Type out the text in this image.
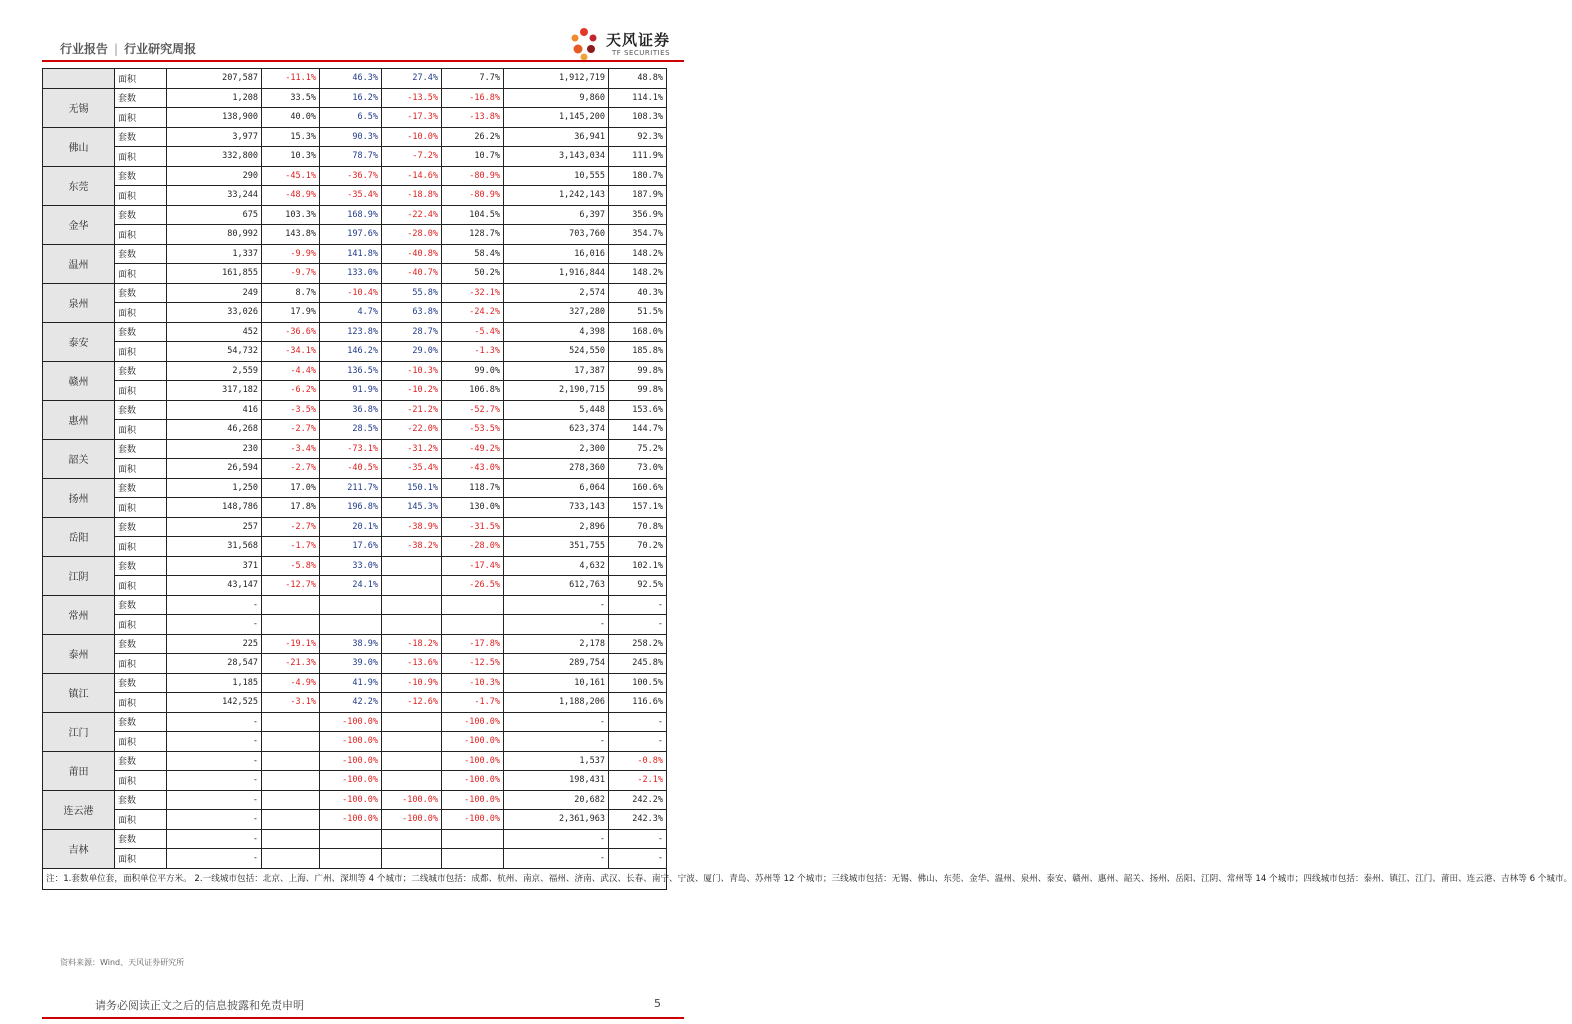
行业报告 | 行业研究周报	天风证券
TF SECURITIES
	面积	207,587	-11.1%	46.3%	27.4%	7.7%	1,912,719	48.8%
无锡	套数	1,208	33.5%	16.2%	-13.5%	-16.8%	9,860	114.1%
	面积	138,900	40.0%	6.5%	-17.3%	-13.8%	1,145,200	108.3%
佛山	套数	3,977	15.3%	90.3%	-10.0%	26.2%	36,941	92.3%
	面积	332,800	10.3%	78.7%	-7.2%	10.7%	3,143,034	111.9%
东莞	套数	290	-45.1%	-36.7%	-14.6%	-80.9%	10,555	180.7%
	面积	33,244	-48.9%	-35.4%	-18.8%	-80.9%	1,242,143	187.9%
金华	套数	675	103.3%	168.9%	-22.4%	104.5%	6,397	356.9%
	面积	80,992	143.8%	197.6%	-28.0%	128.7%	703,760	354.7%
温州	套数	1,337	-9.9%	141.8%	-40.8%	58.4%	16,016	148.2%
	面积	161,855	-9.7%	133.0%	-40.7%	50.2%	1,916,844	148.2%
泉州	套数	249	8.7%	-10.4%	55.8%	-32.1%	2,574	40.3%
	面积	33,026	17.9%	4.7%	63.8%	-24.2%	327,280	51.5%
泰安	套数	452	-36.6%	123.8%	28.7%	-5.4%	4,398	168.0%
	面积	54,732	-34.1%	146.2%	29.0%	-1.3%	524,550	185.8%
赣州	套数	2,559	-4.4%	136.5%	-10.3%	99.0%	17,387	99.8%
	面积	317,182	-6.2%	91.9%	-10.2%	106.8%	2,190,715	99.8%
惠州	套数	416	-3.5%	36.8%	-21.2%	-52.7%	5,448	153.6%
	面积	46,268	-2.7%	28.5%	-22.0%	-53.5%	623,374	144.7%
韶关	套数	230	-3.4%	-73.1%	-31.2%	-49.2%	2,300	75.2%
	面积	26,594	-2.7%	-40.5%	-35.4%	-43.0%	278,360	73.0%
扬州	套数	1,250	17.0%	211.7%	150.1%	118.7%	6,064	160.6%
	面积	148,786	17.8%	196.8%	145.3%	130.0%	733,143	157.1%
岳阳	套数	257	-2.7%	20.1%	-38.9%	-31.5%	2,896	70.8%
	面积	31,568	-1.7%	17.6%	-38.2%	-28.0%	351,755	70.2%
江阴	套数	371	-5.8%	33.0%		-17.4%	4,632	102.1%
	面积	43,147	-12.7%	24.1%		-26.5%	612,763	92.5%
常州	套数	-					-	-
	面积	-					-	-
泰州	套数	225	-19.1%	38.9%	-18.2%	-17.8%	2,178	258.2%
	面积	28,547	-21.3%	39.0%	-13.6%	-12.5%	289,754	245.8%
镇江	套数	1,185	-4.9%	41.9%	-10.9%	-10.3%	10,161	100.5%
	面积	142,525	-3.1%	42.2%	-12.6%	-1.7%	1,188,206	116.6%
江门	套数	-		-100.0%		-100.0%	-	-
	面积	-		-100.0%		-100.0%	-	-
莆田	套数	-		-100.0%		-100.0%	1,537	-0.8%
	面积	-		-100.0%		-100.0%	198,431	-2.1%
连云港	套数	-		-100.0%	-100.0%	-100.0%	20,682	242.2%
	面积	-		-100.0%	-100.0%	-100.0%	2,361,963	242.3%
吉林	套数	-					-	-
	面积	-					-	-
注：1.套数单位套，面积单位平方米。 2.一线城市包括：北京、上海、广州、深圳等 4 个城市；二线城市包括：成都、杭州、南京、福州、济南、武汉、长春、南宁、宁波、厦门、青岛、苏州等 12 个城市；三线城市包括：无锡、佛山、东莞、金华、温州、泉州、泰安、赣州、惠州、韶关、扬州、岳阳、江阴、常州等 14 个城市；四线城市包括：泰州、镇江、江门、莆田、连云港、吉林等 6 个城市。								
资料来源：Wind、天风证券研究所
请务必阅读正文之后的信息披露和免责申明	5
